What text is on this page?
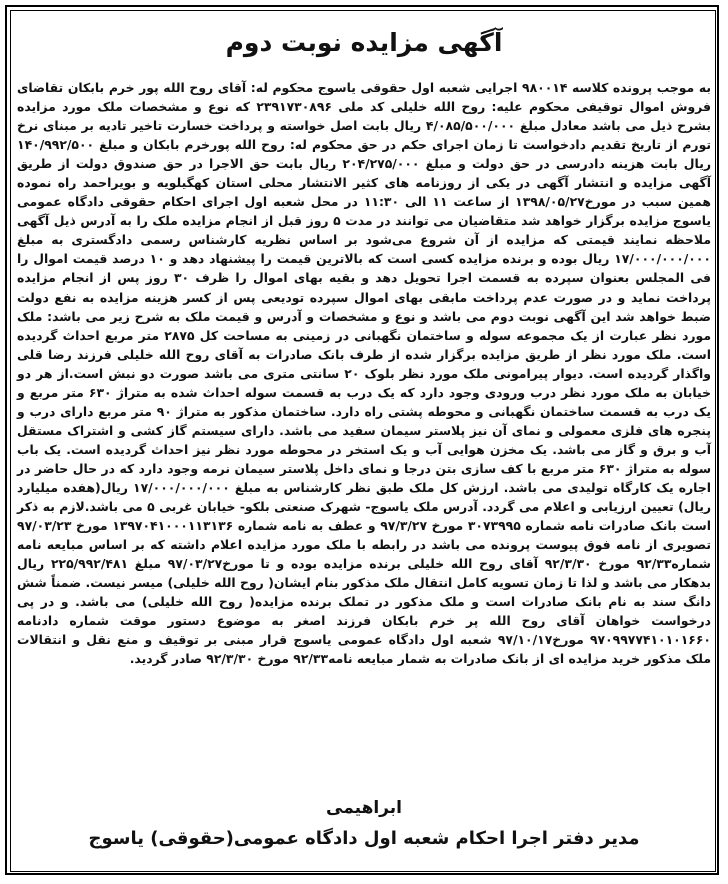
آگهی مزایده نوبت دوم
به موجب پرونده کلاسه ۹۸۰۰۱۴ اجرایی شعبه اول حقوقی یاسوج محکوم له: آقای روح الله پور خرم بابکان تقاضای فروش اموال توقیفی محکوم علیه: روح الله خلیلی کد ملی ۲۳۹۱۷۳۰۸۹۶ که نوع و مشخصات ملک مورد مزایده بشرح ذیل می باشد معادل مبلغ ۴/۰۸۵/۵۰۰/۰۰۰ ریال بابت اصل خواسته و پرداخت خسارت تاخیر تادیه بر مبنای نرخ تورم از تاریخ تقدیم دادخواست تا زمان اجرای حکم در حق محکوم له: روح الله پورخرم بابکان و مبلغ ۱۴۰/۹۹۲/۵۰۰ ریال بابت هزینه دادرسی در حق دولت و مبلغ ۲۰۴/۲۷۵/۰۰۰ ریال بابت حق الاجرا در حق صندوق دولت از طریق آگهی مزایده و انتشار آگهی در یکی از روزنامه های کثیر الانتشار محلی استان کهگیلویه و بویراحمد راه نموده همین سبب در مورخ۱۳۹۸/۰۵/۲۷ از ساعت ۱۱ الی ۱۱:۳۰ در محل شعبه اول اجرای احکام حقوقی دادگاه عمومی یاسوج مزایده برگزار خواهد شد متقاضیان می توانند در مدت ۵ روز قبل از انجام مزایده ملک را به آدرس ذیل آگهی ملاحظه نمایند قیمتی که مزایده از آن شروع می‌شود بر اساس نظریه کارشناس رسمی دادگستری به مبلغ ۱۷/۰۰۰/۰۰۰/۰۰۰ ریال بوده و برنده مزایده کسی است که بالاترین قیمت را پیشنهاد دهد و ۱۰ درصد قیمت اموال را فی المجلس بعنوان سپرده به قسمت اجرا تحویل دهد و بقیه بهای اموال را ظرف ۳۰ روز پس از انجام مزایده پرداخت نماید و در صورت عدم پرداخت مابقی بهای اموال سپرده تودیعی پس از کسر هزینه مزایده به نفع دولت ضبط خواهد شد این آگهی نوبت دوم می باشد و نوع و مشخصات و آدرس و قیمت ملک به شرح زیر می باشد: ملک مورد نظر عبارت از یک مجموعه سوله و ساختمان نگهبانی در زمینی به مساحت کل ۲۸۷۵ متر مربع احداث گردیده است. ملک مورد نظر از طریق مزایده برگزار شده از طرف بانک صادرات به آقای روح الله خلیلی فرزند رضا قلی واگذار گردیده است. دیوار پیرامونی ملک مورد نظر بلوک ۲۰ سانتی متری می باشد صورت دو نبش است.از هر دو خیابان به ملک مورد نظر درب ورودی وجود دارد که یک درب به قسمت سوله احداث شده به متراژ ۶۳۰ متر مربع و یک درب به قسمت ساختمان نگهبانی و محوطه پشتی راه دارد. ساختمان مذکور به متراژ ۹۰ متر مربع دارای درب و پنجره های فلزی معمولی و نمای آن نیز پلاستر سیمان سفید می باشد. دارای سیستم گاز کشی و اشتراک مستقل آب و برق و گاز می باشد. یک مخزن هوایی آب و یک استخر در محوطه مورد نظر نیز احداث گردیده است. یک باب سوله به متراژ ۶۳۰ متر مربع با کف سازی بتن درجا و نمای داخل پلاستر سیمان نرمه وجود دارد که در حال حاضر در اجاره یک کارگاه تولیدی می باشد. ارزش کل ملک طبق نظر کارشناس به مبلغ ۱۷/۰۰۰/۰۰۰/۰۰۰ ریال(هفده میلیارد ریال) تعیین ارزیابی و اعلام می گردد. آدرس ملک یاسوج- شهرک صنعتی بلکو- خیابان غربی ۵ می باشد.لازم به ذکر است بانک صادرات نامه شماره ۳۰۷۳۹۹۵ مورخ ۹۷/۳/۲۷ و عطف به نامه شماره ۱۳۹۷۰۴۱۰۰۰۱۱۳۱۳۶ مورخ ۹۷/۰۳/۲۳ تصویری از نامه فوق پیوست پرونده می باشد در رابطه با ملک مورد مزایده اعلام داشته که بر اساس مبایعه نامه شماره۹۲/۳۳ مورخ ۹۲/۳/۳۰ آقای روح الله خلیلی برنده مزایده بوده و تا مورخ۹۷/۰۳/۲۷ مبلغ ۲۲۵/۹۹۲/۴۸۱ ریال بدهکار می باشد و لذا تا زمان تسویه کامل انتقال ملک مذکور بنام ایشان( روح الله خلیلی) میسر نیست. ضمناً شش دانگ سند به نام بانک صادرات است و ملک مذکور در تملک برنده مزایده( روح الله خلیلی) می باشد. و در پی درخواست خواهان آقای روح الله پر خرم بابکان فرزند اصغر به موضوع دستور موقت شماره دادنامه ۹۷۰۹۹۷۷۴۱۰۱۰۱۶۶۰ مورخ۹۷/۱۰/۱۷ شعبه اول دادگاه عمومی یاسوج قرار مبنی بر توقیف و منع نقل و انتقالات ملک مذکور خرید مزایده ای از بانک صادرات به شمار مبایعه نامه۹۲/۳۳ مورخ ۹۲/۳/۳۰ صادر گردید.
ابراهیمی
مدیر دفتر اجرا احکام شعبه اول دادگاه عمومی(حقوقی) یاسوج
